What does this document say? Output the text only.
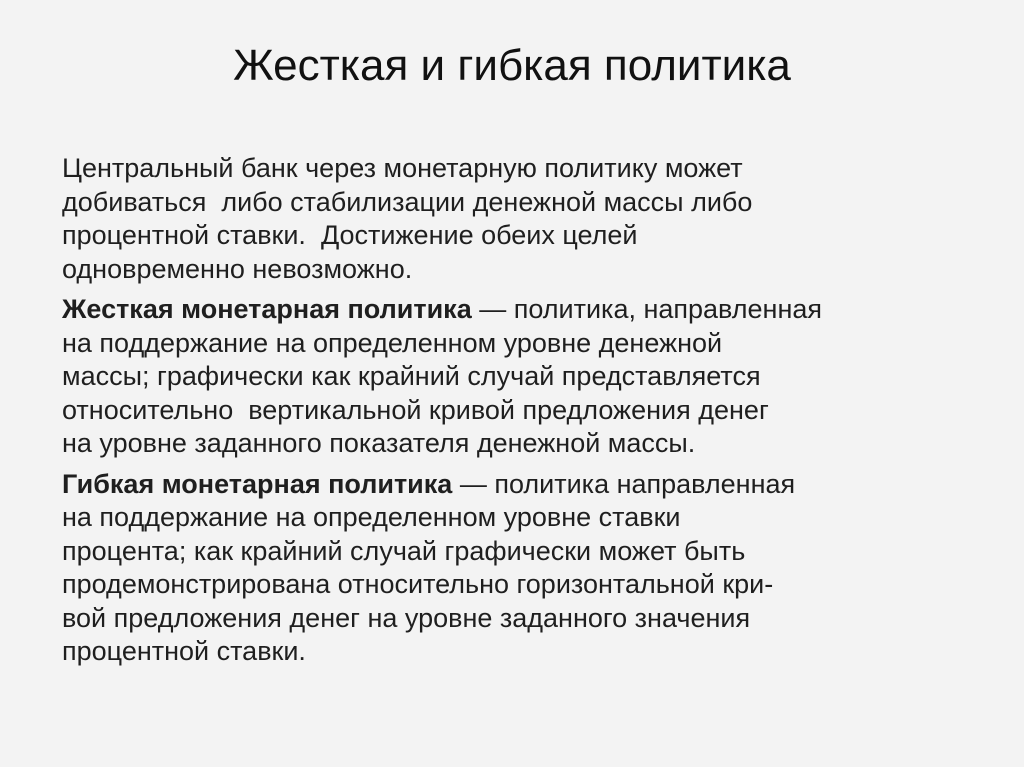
Жесткая и гибкая политика

Центральный банк через монетарную политику может
добиваться  либо стабилизации денежной массы либо
процентной ставки.  Достижение обеих целей
одновременно невозможно.

Жесткая монетарная политика — политика, направленная
на поддержание на определенном уровне денежной
массы; графически как крайний случай представляется
относительно  вертикальной кривой предложения денег
на уровне заданного показателя денежной массы.

Гибкая монетарная политика — политика направленная
на поддержание на определенном уровне ставки
процента; как крайний случай графически может быть
продемонстрирована относительно горизонтальной кри-
вой предложения денег на уровне заданного значения
процентной ставки.
